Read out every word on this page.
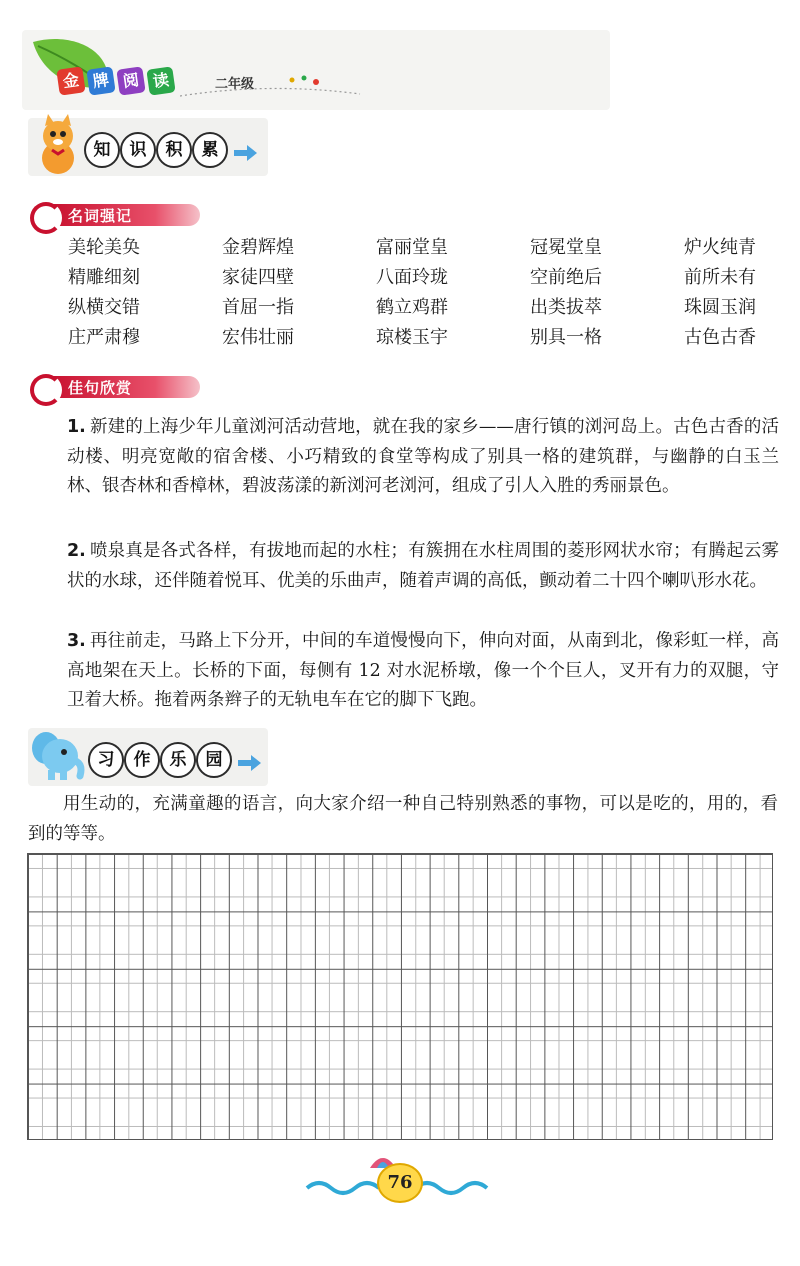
金 牌 阅 读	二年级
知	识	积	累
名词强记
美轮美奂	金碧辉煌	富丽堂皇	冠冕堂皇	炉火纯青
精雕细刻	家徒四壁	八面玲珑	空前绝后	前所未有
纵横交错	首屈一指	鹤立鸡群	出类拔萃	珠圆玉润
庄严肃穆	宏伟壮丽	琼楼玉宇	别具一格	古色古香
佳句欣赏
1. 新建的上海少年儿童浏河活动营地，就在我的家乡——唐行镇的浏河岛上。古色古香的活动楼、明亮宽敞的宿舍楼、小巧精致的食堂等构成了别具一格的建筑群，与幽静的白玉兰林、银杏林和香樟林，碧波荡漾的新浏河老浏河，组成了引人入胜的秀丽景色。
2. 喷泉真是各式各样，有拔地而起的水柱；有簇拥在水柱周围的菱形网状水帘；有腾起云雾状的水球，还伴随着悦耳、优美的乐曲声，随着声调的高低，颤动着二十四个喇叭形水花。
3. 再往前走，马路上下分开，中间的车道慢慢向下，伸向对面，从南到北，像彩虹一样，高高地架在天上。长桥的下面，每侧有 12 对水泥桥墩，像一个个巨人，叉开有力的双腿，守卫着大桥。拖着两条辫子的无轨电车在它的脚下飞跑。
习	作	乐	园
用生动的，充满童趣的语言，向大家介绍一种自己特别熟悉的事物，可以是吃的，用的，看到的等等。
76
